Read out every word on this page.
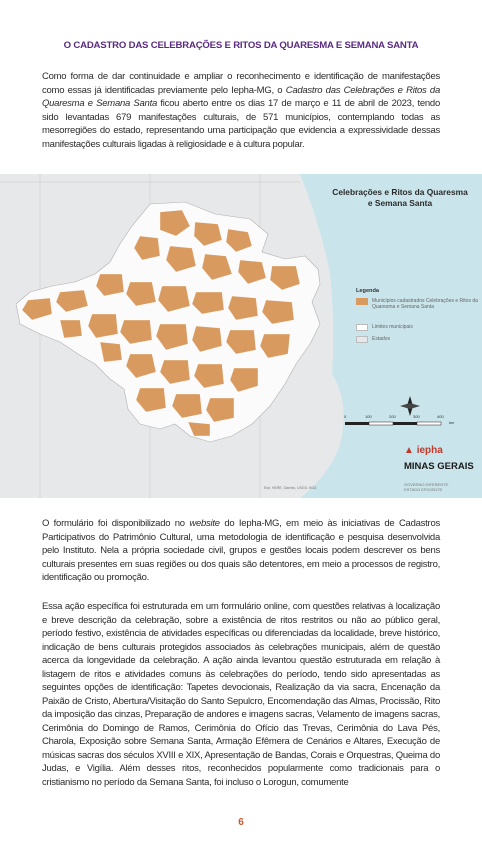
O CADASTRO DAS CELEBRAÇÕES E RITOS DA QUARESMA E SEMANA SANTA
Como forma de dar continuidade e ampliar o reconhecimento e identificação de manifestações como essas já identificadas previamente pelo Iepha-MG, o Cadastro das Celebrações e Ritos da Quaresma e Semana Santa ficou aberto entre os dias 17 de março e 11 de abril de 2023, tendo sido levantadas 679 manifestações culturais, de 571 municípios, contemplando todas as mesorregiões do estado, representando uma participação que evidencia a expressividade dessas manifestações culturais ligadas à religiosidade e à cultura popular.
Celebrações e Ritos da Quaresma e Semana Santa
Legenda
Municípios cadastrados Celebrações e Ritos da Quaresma e Semana Santa
Limites municipais
Estados
0	100	200	300	400
km
▲ iepha
MINAS GERAIS
GOVERNO DIFERENTE. ESTADO EFICIENTE.
Esri, HERE, Garmin, USGS, NGA
O formulário foi disponibilizado no website do Iepha-MG, em meio às iniciativas de Cadastros Participativos do Patrimônio Cultural, uma metodologia de identificação e pesquisa desenvolvida pelo Instituto. Nela a própria sociedade civil, grupos e gestões locais podem descrever os bens culturais presentes em suas regiões ou dos quais são detentores, em meio a processos de registro, identificação ou promoção.
Essa ação específica foi estruturada em um formulário online, com questões relativas à localização e breve descrição da celebração, sobre a existência de ritos restritos ou não ao público geral, período festivo, existência de atividades específicas ou diferenciadas da localidade, breve histórico, indicação de bens culturais protegidos associados às celebrações municipais, além de questão acerca da longevidade da celebração. A ação ainda levantou questão estruturada em relação à listagem de ritos e atividades comuns às celebrações do período, tendo sido apresentadas as seguintes opções de identificação: Tapetes devocionais, Realização da via sacra, Encenação da Paixão de Cristo, Abertura/Visitação do Santo Sepulcro, Encomendação das Almas, Procissão, Rito da imposição das cinzas, Preparação de andores e imagens sacras, Velamento de imagens sacras, Cerimônia do Domingo de Ramos, Cerimônia do Ofício das Trevas, Cerimônia do Lava Pés, Charola, Exposição sobre Semana Santa, Armação Efêmera de Cenários e Altares, Execução de músicas sacras dos séculos XVIII e XIX, Apresentação de Bandas, Corais e Orquestras, Queima do Judas, e Vigília. Além desses ritos, reconhecidos popularmente como tradicionais para o cristianismo no período da Semana Santa, foi incluso o Lorogun, comumente
6
